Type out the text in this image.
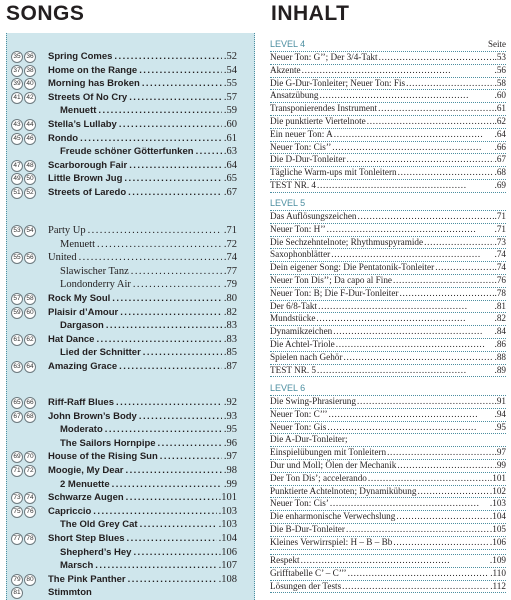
SONGS	INHALT
35 36 Spring Comes . . .	.52
37 38 Home on the Range . . .	.54
39 40 Morning has Broken . . .	.55
41 42 Streets Of No Cry . . .	.57
Menuett . . .	.59
43 44 Stella’s Lullaby . . .	.60
45 46 Rondo . . .	.61
Freude schöner Götterfunken . . .	.63
47 48 Scarborough Fair . . .	.64
49 50 Little Brown Jug . . .	.65
51 52 Streets of Laredo . . .	.67
53 54 Party Up . . .	.71
Menuett . . .	.72
55 56 United . . .	.74
Slawischer Tanz . . .	.77
Londonderry Air . . .	.79
57 58 Rock My Soul . . .	.80
59 60 Plaisir d’Amour . . .	.82
Dargason . . .	.83
61 62 Hat Dance . . .	.83
Lied der Schnitter . . .	.85
63 64 Amazing Grace . . .	.87
65 66 Riff-Raff Blues . . .	.92
67 68 John Brown’s Body . . .	.93
Moderato . . .	.95
The Sailors Hornpipe . . .	.96
69 70 House of the Rising Sun . . .	.97
71 72 Moogie, My Dear . . .	.98
2 Menuette . . .	.99
73 74 Schwarze Augen . . .	.101
75 76 Capriccio . . .	.103
The Old Grey Cat . . .	.103
77 78 Short Step Blues . . .	.104
Shepherd’s Hey . . .	.106
Marsch . . .	.107
79 80 The Pink Panther . . .	.108
81	Stimmton
LEVEL 4	Seite
Neuer Ton: G’’; Der 3/4-Takt . . .	.53
Akzente . . .	.56
Die G-Dur-Tonleiter; Neuer Ton: Fis . . .	.58
Ansatzübung . . .	.60
Transponierendes Instrument . . .	.61
Die punktierte Viertelnote . . .	.62
Ein neuer Ton: A . . .	.64
Neuer Ton: Cis’’ . . .	.66
Die D-Dur-Tonleiter . . .	.67
Tägliche Warm-ups mit Tonleitern . . .	.68
TEST NR. 4 . . .	.69
LEVEL 5
Das Auflösungszeichen . . .	.71
Neuer Ton: H’’ . . .	.71
Die Sechzehntelnote; Rhythmuspyramide . . .	.73
Saxophonblätter . . .	.74
Dein eigener Song: Die Pentatonik-Tonleiter . . .	.74
Neuer Ton Dis’’; Da capo al Fine . . .	.76
Neuer Ton: B; Die F-Dur-Tonleiter . . .	.78
Der 6/8-Takt . . .	.81
Mundstücke . . .	.82
Dynamikzeichen . . .	.84
Die Achtel-Triole . . .	.86
Spielen nach Gehör . . .	.88
TEST NR. 5 . . .	.89
LEVEL 6
Die Swing-Phrasierung . . .	.91
Neuer Ton: C’’’ . . .	.94
Neuer Ton: Gis . . .	.95
Die A-Dur-Tonleiter;
Einspielübungen mit Tonleitern . . .	.97
Dur und Moll; Ölen der Mechanik . . .	.99
Der Ton Dis’; accelerando . . .	.101
Punktierte Achtelnoten; Dynamikübung . . .	.102
Neuer Ton: Cis’ . . .	.103
Die enharmonische Verwechslung . . .	.104
Die B-Dur-Tonleiter . . .	.105
Kleines Verwirrspiel: H – B – Bb . . .	.106
Respekt . . .	.109
Grifftabelle C’ – C’’’ . . .	.110
Lösungen der Tests . . .	.112
